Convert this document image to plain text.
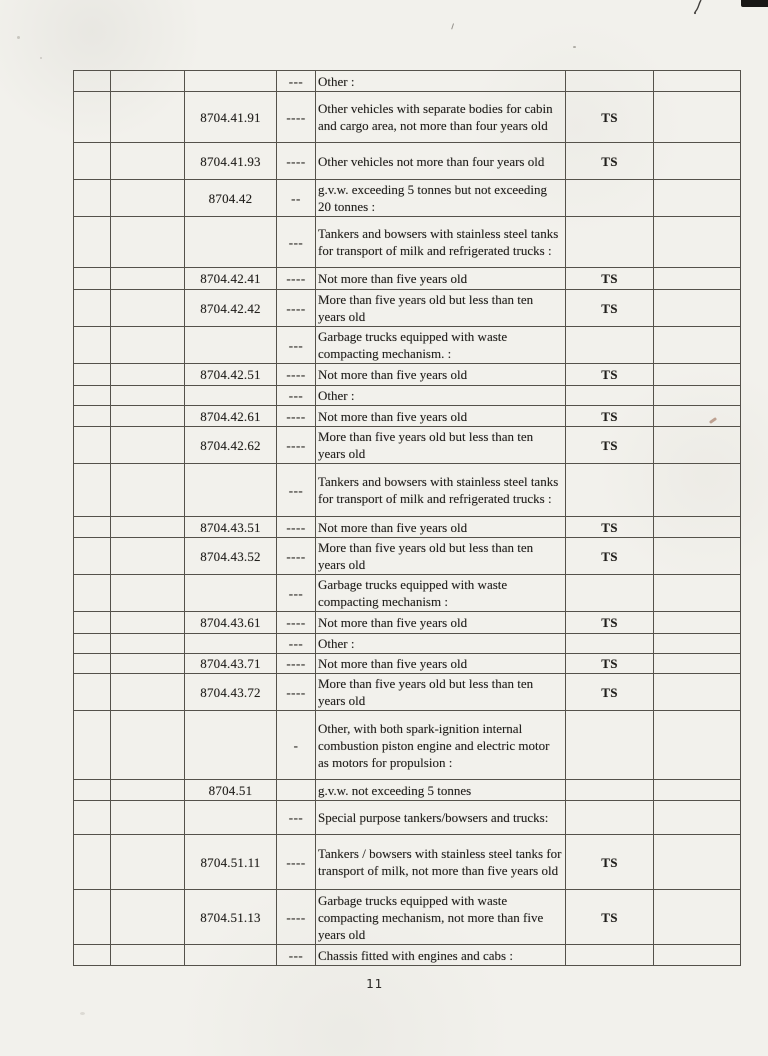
			---	Other :		
		8704.41.91	----	Other vehicles with separate bodies for cabin and cargo area, not more than four years old	TS	
		8704.41.93	----	Other vehicles not more than four years old	TS	
		8704.42	--	g.v.w. exceeding 5 tonnes but not exceeding 20 tonnes :		
			---	Tankers and bowsers with stainless steel tanks for transport of milk and refrigerated trucks :		
		8704.42.41	----	Not more than five years old	TS	
		8704.42.42	----	More than five years old but less than ten years old	TS	
			---	Garbage trucks equipped with waste compacting mechanism. :		
		8704.42.51	----	Not more than five years old	TS	
			---	Other :		
		8704.42.61	----	Not more than five years old	TS	
		8704.42.62	----	More than five years old but less than ten years old	TS	
			---	Tankers and bowsers with stainless steel tanks for transport of milk and refrigerated trucks :		
		8704.43.51	----	Not more than five years old	TS	
		8704.43.52	----	More than five years old but less than ten years old	TS	
			---	Garbage trucks equipped with waste compacting mechanism :		
		8704.43.61	----	Not more than five years old	TS	
			---	Other :		
		8704.43.71	----	Not more than five years old	TS	
		8704.43.72	----	More than five years old but less than ten years old	TS	
			-	Other, with both spark-ignition internal combustion piston engine and electric motor as motors for propulsion :		
		8704.51		g.v.w. not exceeding 5 tonnes		
			---	Special purpose tankers/bowsers and trucks:		
		8704.51.11	----	Tankers / bowsers with stainless steel tanks for transport of milk, not more than five years old	TS	
		8704.51.13	----	Garbage trucks equipped with waste compacting mechanism, not more than five years old	TS	
			---	Chassis fitted with engines and cabs :		
11
